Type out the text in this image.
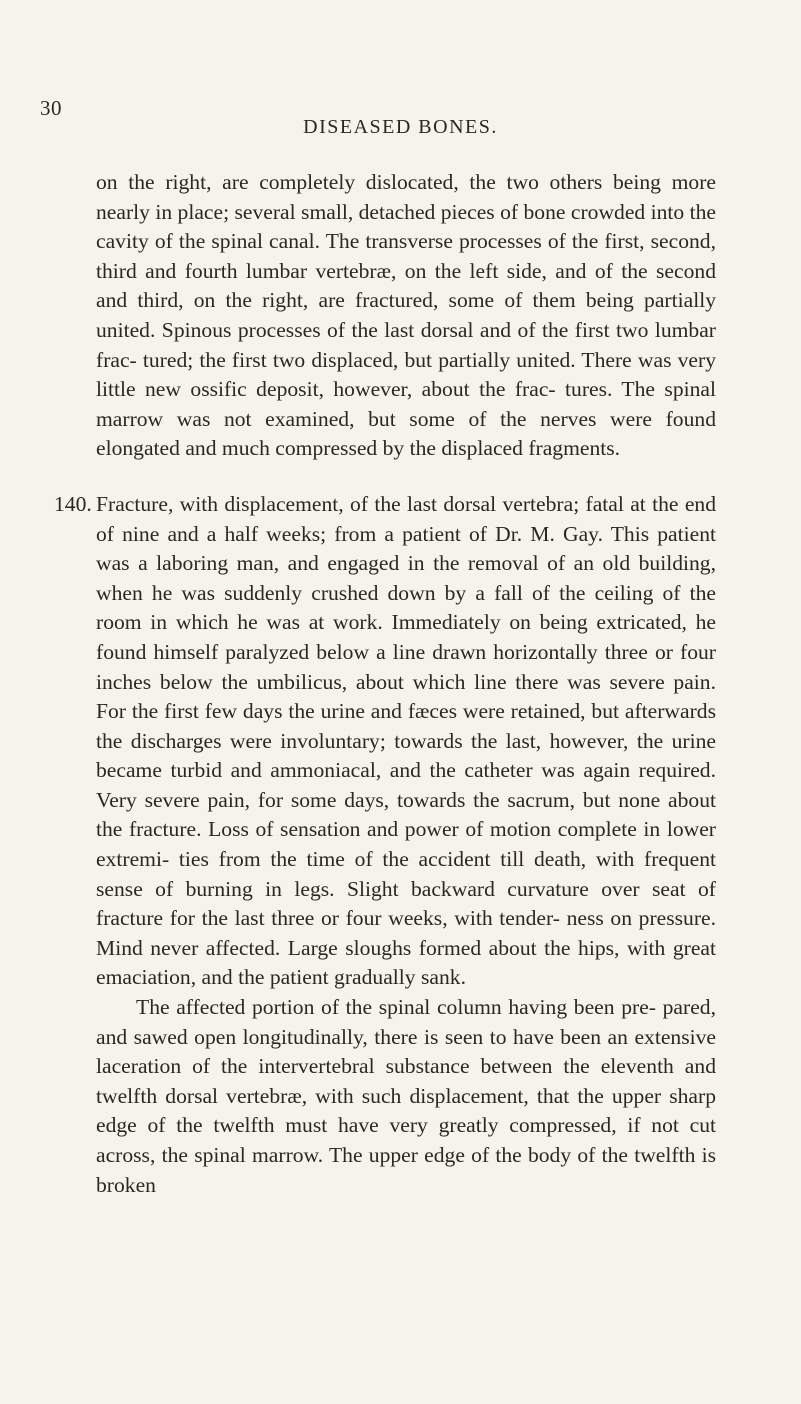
30
DISEASED BONES.

on the right, are completely dislocated, the two others being more nearly in place; several small, detached pieces of bone crowded into the cavity of the spinal canal. The transverse processes of the first, second, third and fourth lumbar vertebræ, on the left side, and of the second and third, on the right, are fractured, some of them being partially united. Spinous processes of the last dorsal and of the first two lumbar frac- tured; the first two displaced, but partially united. There was very little new ossific deposit, however, about the frac- tures. The spinal marrow was not examined, but some of the nerves were found elongated and much compressed by the displaced fragments.

140. Fracture, with displacement, of the last dorsal vertebra; fatal at the end of nine and a half weeks; from a patient of Dr. M. Gay. This patient was a laboring man, and engaged in the removal of an old building, when he was suddenly crushed down by a fall of the ceiling of the room in which he was at work. Immediately on being extricated, he found himself paralyzed below a line drawn horizontally three or four inches below the umbilicus, about which line there was severe pain. For the first few days the urine and fæces were retained, but afterwards the discharges were involuntary; towards the last, however, the urine became turbid and ammoniacal, and the catheter was again required. Very severe pain, for some days, towards the sacrum, but none about the fracture. Loss of sensation and power of motion complete in lower extremi- ties from the time of the accident till death, with frequent sense of burning in legs. Slight backward curvature over seat of fracture for the last three or four weeks, with tender- ness on pressure. Mind never affected. Large sloughs formed about the hips, with great emaciation, and the patient gradually sank.

The affected portion of the spinal column having been pre- pared, and sawed open longitudinally, there is seen to have been an extensive laceration of the intervertebral substance between the eleventh and twelfth dorsal vertebræ, with such displacement, that the upper sharp edge of the twelfth must have very greatly compressed, if not cut across, the spinal marrow. The upper edge of the body of the twelfth is broken
